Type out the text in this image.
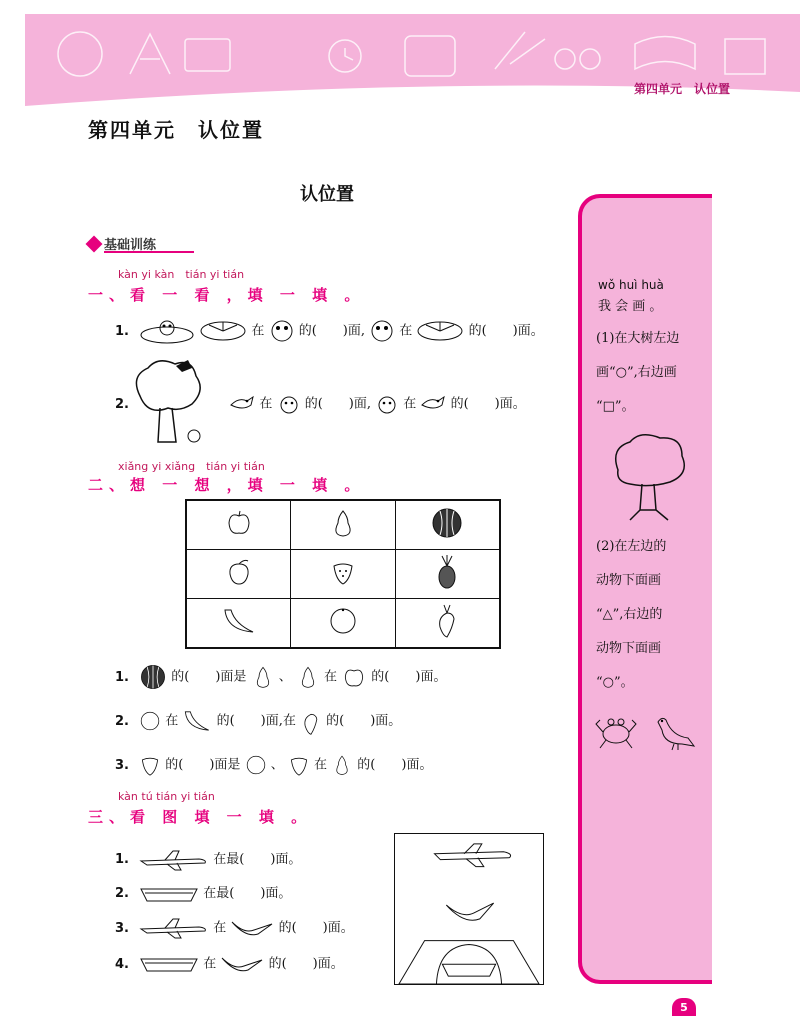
第四单元　认位置
第四单元　认位置
认位置
基础训练
kàn yi kàn　tián yi tián
一、看 一 看 ，填 一 填 。
1.	在	的(　　)面,	在	的(　　)面。
2.	在 的(　　)面, 在	的(　　)面。
xiǎng yi xiǎng　tián yi tián
二、想 一 想 ，填 一 填 。

1.	的(　　)面是 、 在	的(　　)面。
2.	在	的(　　)面,在 的(　　)面。
3.	的(　　)面是 、 在 的(　　)面。
kàn tú tián yi tián
三、看 图 填 一 填 。
1.	在最(　　)面。
2.	在最(　　)面。
3.	在	的(　　)面。
4.	在	的(　　)面。
wǒ huì huà
我 会 画 。
(1)在大树左边
画“○”,右边画
“□”。
(2)在左边的
动物下面画
“△”,右边的
动物下面画
“○”。
5
